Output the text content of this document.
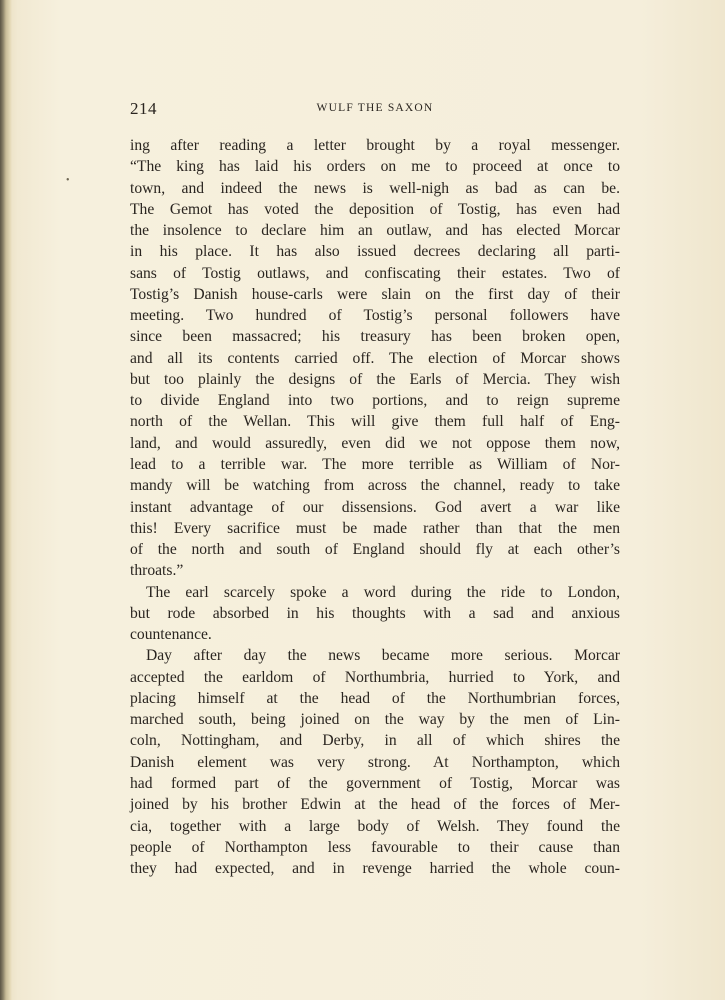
214	WULF THE SAXON
•
ing after reading a letter brought by a royal messenger.
“The king has laid his orders on me to proceed at once to
town, and indeed the news is well-nigh as bad as can be.
The Gemot has voted the deposition of Tostig, has even had
the insolence to declare him an outlaw, and has elected Morcar
in his place. It has also issued decrees declaring all parti-
sans of Tostig outlaws, and confiscating their estates. Two of
Tostig’s Danish house-carls were slain on the first day of their
meeting. Two hundred of Tostig’s personal followers have
since been massacred; his treasury has been broken open,
and all its contents carried off. The election of Morcar shows
but too plainly the designs of the Earls of Mercia. They wish
to divide England into two portions, and to reign supreme
north of the Wellan. This will give them full half of Eng-
land, and would assuredly, even did we not oppose them now,
lead to a terrible war. The more terrible as William of Nor-
mandy will be watching from across the channel, ready to take
instant advantage of our dissensions. God avert a war like
this! Every sacrifice must be made rather than that the men
of the north and south of England should fly at each other’s
throats.”
The earl scarcely spoke a word during the ride to London,
but rode absorbed in his thoughts with a sad and anxious
countenance.
Day after day the news became more serious. Morcar
accepted the earldom of Northumbria, hurried to York, and
placing himself at the head of the Northumbrian forces,
marched south, being joined on the way by the men of Lin-
coln, Nottingham, and Derby, in all of which shires the
Danish element was very strong. At Northampton, which
had formed part of the government of Tostig, Morcar was
joined by his brother Edwin at the head of the forces of Mer-
cia, together with a large body of Welsh. They found the
people of Northampton less favourable to their cause than
they had expected, and in revenge harried the whole coun-
